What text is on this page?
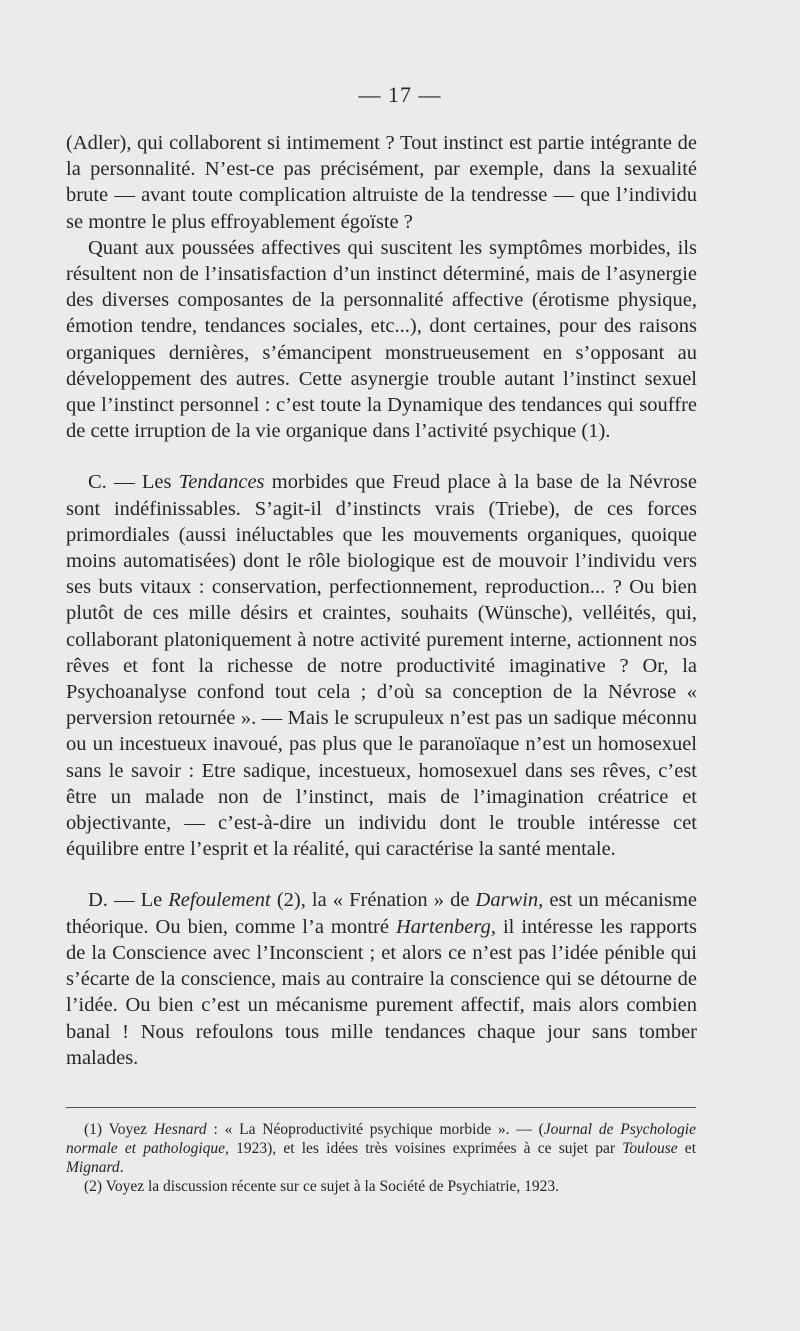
— 17 —

(Adler), qui collaborent si intimement ? Tout instinct est partie intégrante de la personnalité. N’est-ce pas précisément, par exemple, dans la sexualité brute — avant toute complication altruiste de la tendresse — que l’individu se montre le plus effroyablement égoïste ?

Quant aux poussées affectives qui suscitent les symptômes morbides, ils résultent non de l’insatisfaction d’un instinct déterminé, mais de l’asynergie des diverses composantes de la personnalité affective (érotisme physique, émotion tendre, tendances sociales, etc...), dont certaines, pour des raisons organiques dernières, s’émancipent monstrueusement en s’opposant au développement des autres. Cette asynergie trouble autant l’instinct sexuel que l’instinct personnel : c’est toute la Dynamique des tendances qui souffre de cette irruption de la vie organique dans l’activité psychique (1).

C. — Les Tendances morbides que Freud place à la base de la Névrose sont indéfinissables. S’agit-il d’instincts vrais (Triebe), de ces forces primordiales (aussi inéluctables que les mouvements organiques, quoique moins automatisées) dont le rôle biologique est de mouvoir l’individu vers ses buts vitaux : conservation, perfectionnement, reproduction... ? Ou bien plutôt de ces mille désirs et craintes, souhaits (Wünsche), velléités, qui, collaborant platoniquement à notre activité purement interne, actionnent nos rêves et font la richesse de notre productivité imaginative ? Or, la Psychoanalyse confond tout cela ; d’où sa conception de la Névrose « perversion retournée ». — Mais le scrupuleux n’est pas un sadique méconnu ou un incestueux inavoué, pas plus que le paranoïaque n’est un homosexuel sans le savoir : Etre sadique, incestueux, homosexuel dans ses rêves, c’est être un malade non de l’instinct, mais de l’imagination créatrice et objectivante, — c’est-à-dire un individu dont le trouble intéresse cet équilibre entre l’esprit et la réalité, qui caractérise la santé mentale.

D. — Le Refoulement (2), la « Frénation » de Darwin, est un mécanisme théorique. Ou bien, comme l’a montré Hartenberg, il intéresse les rapports de la Conscience avec l’Inconscient ; et alors ce n’est pas l’idée pénible qui s’écarte de la conscience, mais au contraire la conscience qui se détourne de l’idée. Ou bien c’est un mécanisme purement affectif, mais alors combien banal ! Nous refoulons tous mille tendances chaque jour sans tomber malades.

(1) Voyez Hesnard : « La Néoproductivité psychique morbide ». — (Journal de Psychologie normale et pathologique, 1923), et les idées très voisines exprimées à ce sujet par Toulouse et Mignard.

(2) Voyez la discussion récente sur ce sujet à la Société de Psychiatrie, 1923.
